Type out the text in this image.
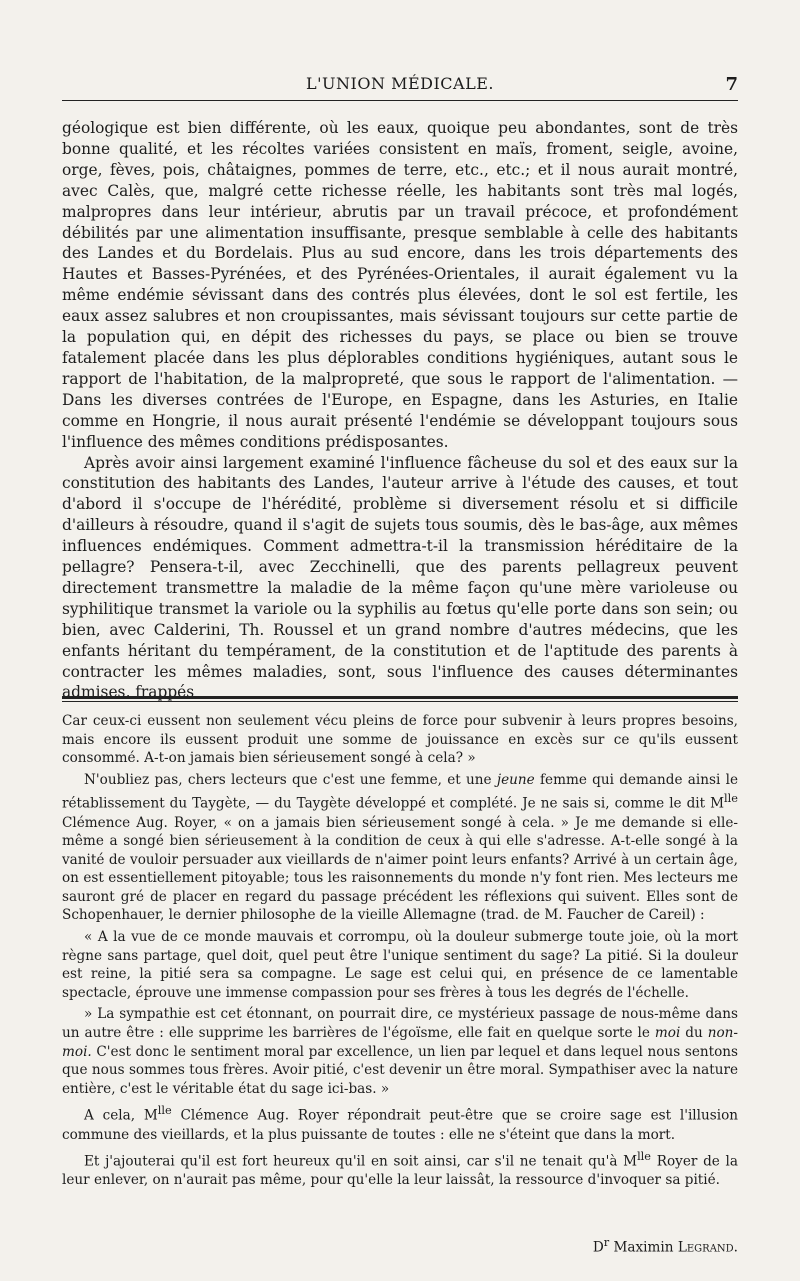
L'UNION MÉDICALE.	7

géologique est bien différente, où les eaux, quoique peu abondantes, sont de très bonne qualité, et les récoltes variées consistent en maïs, froment, seigle, avoine, orge, fèves, pois, châtaignes, pommes de terre, etc., etc.; et il nous aurait montré, avec Calès, que, malgré cette richesse réelle, les habitants sont très mal logés, malpropres dans leur intérieur, abrutis par un travail précoce, et profondément débilités par une alimentation insuffisante, presque semblable à celle des habitants des Landes et du Bordelais. Plus au sud encore, dans les trois départements des Hautes et Basses-Pyrénées, et des Pyrénées-Orientales, il aurait également vu la même endémie sévissant dans des contrés plus élevées, dont le sol est fertile, les eaux assez salubres et non croupissantes, mais sévissant toujours sur cette partie de la population qui, en dépit des richesses du pays, se place ou bien se trouve fatalement placée dans les plus déplorables conditions hygiéniques, autant sous le rapport de l'habitation, de la malpropreté, que sous le rapport de l'alimentation. — Dans les diverses contrées de l'Europe, en Espagne, dans les Asturies, en Italie comme en Hongrie, il nous aurait présenté l'endémie se développant toujours sous l'influence des mêmes conditions prédisposantes.

Après avoir ainsi largement examiné l'influence fâcheuse du sol et des eaux sur la constitution des habitants des Landes, l'auteur arrive à l'étude des causes, et tout d'abord il s'occupe de l'hérédité, problème si diversement résolu et si difficile d'ailleurs à résoudre, quand il s'agit de sujets tous soumis, dès le bas-âge, aux mêmes influences endémiques. Comment admettra-t-il la transmission héréditaire de la pellagre? Pensera-t-il, avec Zecchinelli, que des parents pellagreux peuvent directement transmettre la maladie de la même façon qu'une mère varioleuse ou syphilitique transmet la variole ou la syphilis au fœtus qu'elle porte dans son sein; ou bien, avec Calderini, Th. Roussel et un grand nombre d'autres médecins, que les enfants héritant du tempérament, de la constitution et de l'aptitude des parents à contracter les mêmes maladies, sont, sous l'influence des causes déterminantes admises, frappés

Car ceux-ci eussent non seulement vécu pleins de force pour subvenir à leurs propres besoins, mais encore ils eussent produit une somme de jouissance en excès sur ce qu'ils eussent consommé. A-t-on jamais bien sérieusement songé à cela? »

N'oubliez pas, chers lecteurs que c'est une femme, et une jeune femme qui demande ainsi le rétablissement du Taygète, — du Taygète développé et complété. Je ne sais si, comme le dit $M^{lle}$ Clémence Aug. Royer, « on a jamais bien sérieusement songé à cela. » Je me demande si elle-même a songé bien sérieusement à la condition de ceux à qui elle s'adresse. A-t-elle songé à la vanité de vouloir persuader aux vieillards de n'aimer point leurs enfants? Arrivé à un certain âge, on est essentiellement pitoyable; tous les raisonnements du monde n'y font rien. Mes lecteurs me sauront gré de placer en regard du passage précédent les réflexions qui suivent. Elles sont de Schopenhauer, le dernier philosophe de la vieille Allemagne (trad. de M. Faucher de Careil) :

« A la vue de ce monde mauvais et corrompu, où la douleur submerge toute joie, où la mort règne sans partage, quel doit, quel peut être l'unique sentiment du sage? La pitié. Si la douleur est reine, la pitié sera sa compagne. Le sage est celui qui, en présence de ce lamentable spectacle, éprouve une immense compassion pour ses frères à tous les degrés de l'échelle.

» La sympathie est cet étonnant, on pourrait dire, ce mystérieux passage de nous-même dans un autre être : elle supprime les barrières de l'égoïsme, elle fait en quelque sorte le moi du non-moi. C'est donc le sentiment moral par excellence, un lien par lequel et dans lequel nous sentons que nous sommes tous frères. Avoir pitié, c'est devenir un être moral. Sympathiser avec la nature entière, c'est le véritable état du sage ici-bas. »

A cela, $M^{lle}$ Clémence Aug. Royer répondrait peut-être que se croire sage est l'illusion commune des vieillards, et la plus puissante de toutes : elle ne s'éteint que dans la mort.

Et j'ajouterai qu'il est fort heureux qu'il en soit ainsi, car s'il ne tenait qu'à $M^{lle}$ Royer de la leur enlever, on n'aurait pas même, pour qu'elle la leur laissât, la ressource d'invoquer sa pitié.

$D^r$ Maximin Legrand.
